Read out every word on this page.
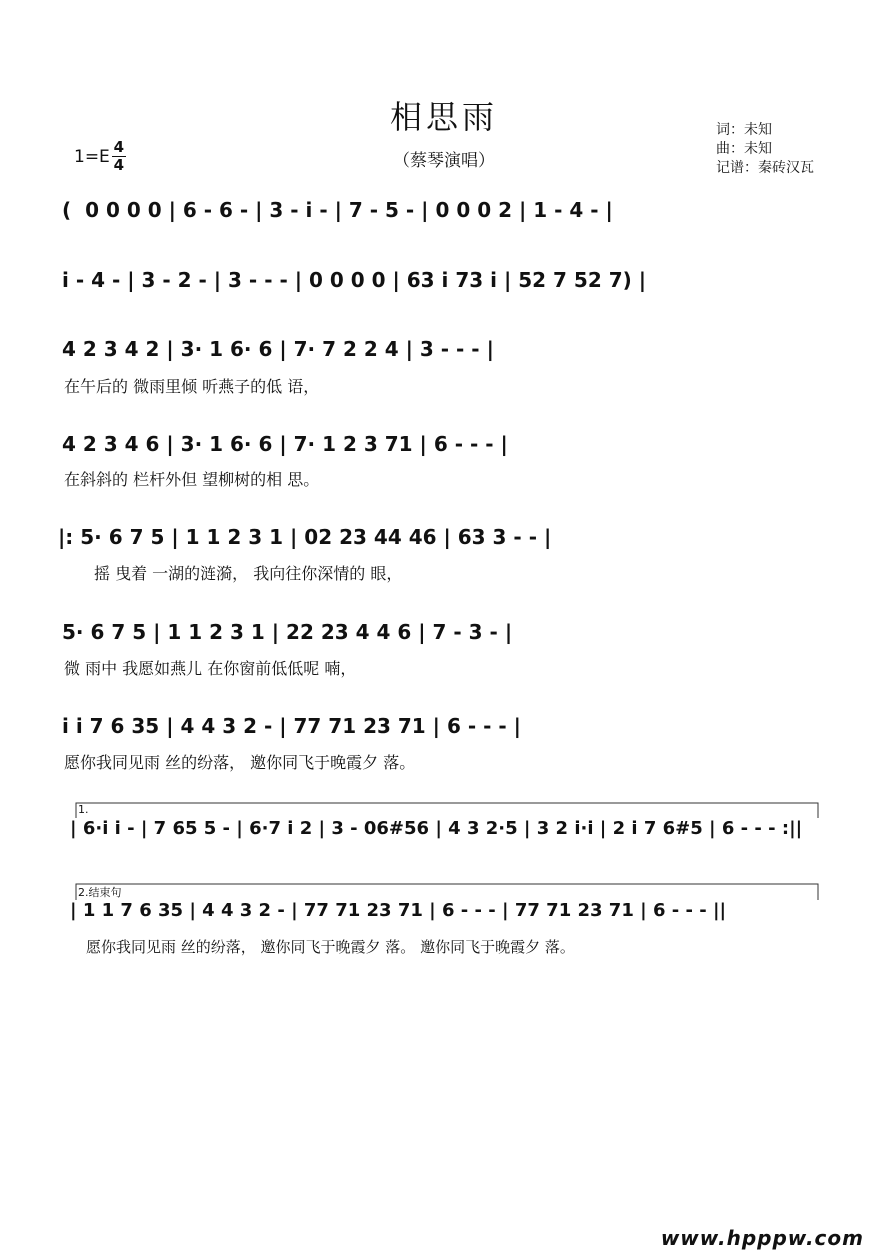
相思雨
（蔡琴演唱）
$1=E \frac{4}{4}$
词：未知
曲：未知
记谱：秦砖汉瓦
(  0 0 0 0 | 6 - 6 - | 3 - i - | 7 - 5 - | 0 0 0 2 | 1 - 4 - |
i - 4 - | 3 - 2 - | 3 - - - | 0 0 0 0 | 63 i 73 i | 52 7 52 7) |
4 2 3 4 2 | 3· 1 6· 6 | 7· 7 2 2 4 | 3 - - - |
在午后的 微雨里倾 听燕子的低 语，
4 2 3 4 6 | 3· 1 6· 6 | 7· 1 2 3 71 | 6 - - - |
在斜斜的 栏杆外但 望柳树的相 思。
|: 5· 6 7 5 | 1 1 2 3 1 | 02 23 44 46 | 63 3 - - |
摇 曳着 一湖的涟漪， 我向往你深情的 眼，
5· 6 7 5 | 1 1 2 3 1 | 22 23 4 4 6 | 7 - 3 - |
微 雨中 我愿如燕儿 在你窗前低低呢 喃，
i i 7 6 35 | 4 4 3 2 - | 77 71 23 71 | 6 - - - |
愿你我同见雨 丝的纷落， 邀你同飞于晚霞夕 落。
1.
| 6·i i - | 7 65 5 - | 6·7 i 2 | 3 - 06#56 | 4 3 2·5 | 3 2 i·i | 2 i 7 6#5 | 6 - - - :||
2.结束句
| 1 1 7 6 35 | 4 4 3 2 - | 77 71 23 71 | 6 - - - | 77 71 23 71 | 6 - - - ||
愿你我同见雨 丝的纷落， 邀你同飞于晚霞夕 落。 邀你同飞于晚霞夕 落。
www.hpppw.com
